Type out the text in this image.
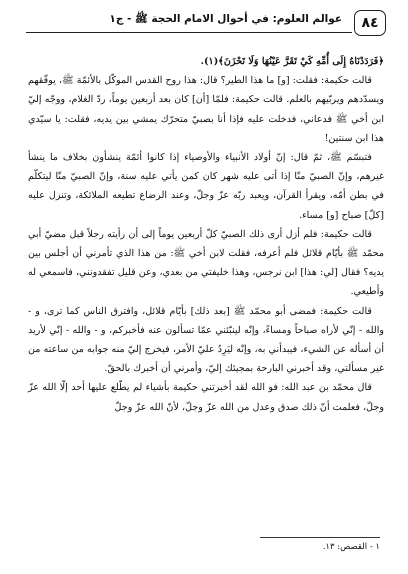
٨٤
عوالم العلوم: في أحوال الامام الحجة ﷺ - ج١

﴿فَرَدَدْنَاهُ إِلَى أُمِّهِ كَيْ تَقَرَّ عَيْنُهَا وَلَا تَحْزَنَ﴾(١).

قالت حكيمة: فقلت: [و] ما هذا الطير؟ قال: هذا روح القدس الموكّل بالأئمّة ﷺ، يوفّقهم ويسدّدهم ويربّيهم بالعلم. قالت حكيمة: فلمّا [أن] كان بعد أربعين يوماً، ردّ الغلام، ووجّه إليّ ابن أخي ﷺ فدعاني، فدخلت عليه فإذا أنا بصبيّ متحرّك يمشي بين يديه، فقلت: يا سيّدي هذا ابن سنتين!

فتبسّم ﷺ، ثمّ قال: إنّ أولاد الأنبياء والأوصياء إذا كانوا أئمّة ينشأون بخلاف ما ينشأ غيرهم، وإنّ الصبيّ منّا إذا أتى عليه شهر كان كمن يأتي عليه سنة، وإنّ الصبيّ منّا ليتكلّم في بطن أمّه، ويقرأ القرآن، ويعبد ربّه عزّ وجلّ، وعند الرضاع تطيعه الملائكة، وتنزل عليه [كلّ] صباح [و] مساء.

قالت حكيمة: فلم أزل أرى ذلك الصبيّ كلّ أربعين يوماً إلى أن رأيته رجلاً قبل مضيّ أبي محمّد ﷺ بأيّام قلائل فلم أعرفه، فقلت لابن أخي ﷺ: من هذا الذي تأمرني أن أجلس بين يديه؟ فقال [لي: هذا] ابن نرجس، وهذا خليفتي من بعدي، وعن قليل تفقدونني، فاسمعي له وأطيعي.

قالت حكيمة: فمضى أبو محمّد ﷺ [بعد ذلك] بأيّام قلائل، وافترق الناس كما ترى، و - والله - إنّي لأراه صباحاً ومساءً، وإنّه لينبّئني عمّا تسألون عنه فأخبركم، و - والله - إنّي لأريد أن أسأله عن الشيء، فيبدأني به، وإنّه ليَرِدُ عليّ الأمر، فيخرج إليّ منه جوابه من ساعته من غير مسألتي، وقد أخبرني البارحة بمجيئك إليّ، وأمرني أن أخبرك بالحقّ.

قال محمّد بن عبد الله: فو الله لقد أخبرتني حكيمة بأشياء لم يطّلع عليها أحد إلّا الله عزّ وجلّ، فعلمت أنّ ذلك صدق وعدل من الله عزّ وجلّ، لأنّ الله عزّ وجلّ

١ - القصص: ١٣.
